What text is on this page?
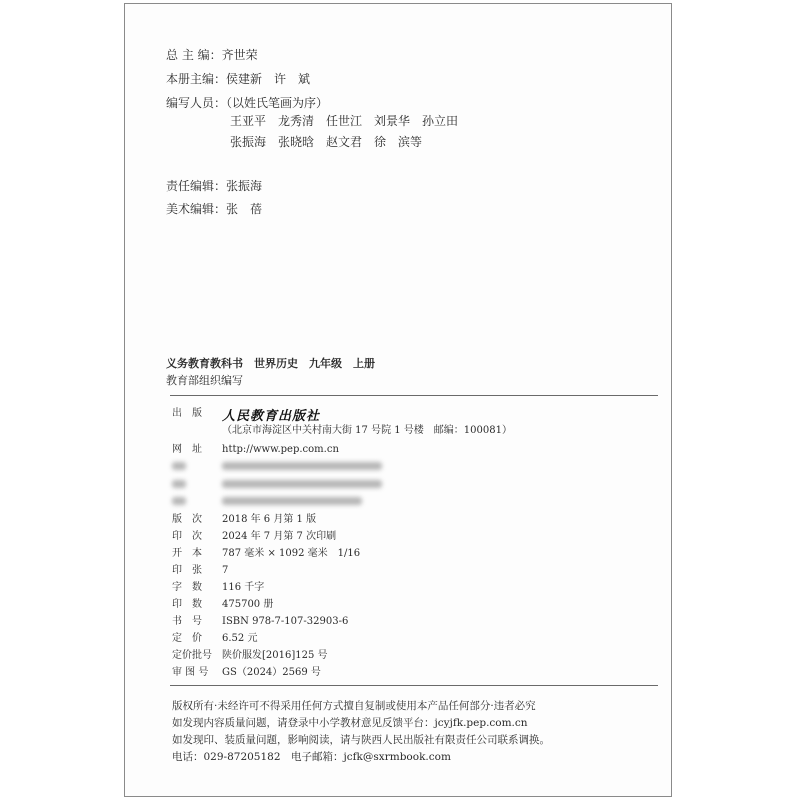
总 主 编：齐世荣
本册主编：侯建新　许　斌
编写人员：（以姓氏笔画为序）
王亚平　龙秀清　任世江　刘景华　孙立田
张振海　张晓晗　赵文君　徐　滨等
责任编辑：张振海
美术编辑：张　蓓
义务教育教科书　世界历史　九年级　上册
教育部组织编写
出　版 人民教育出版社
（北京市海淀区中关村南大街 17 号院 1 号楼　邮编：100081）
网　址 http://www.pep.com.cn
版　次 2018 年 6 月第 1 版
印　次 2024 年 7 月第 7 次印刷
开　本 787 毫米 × 1092 毫米　1/16
印　张 7
字　数 116 千字
印　数 475700 册
书　号 ISBN 978-7-107-32903-6
定　价 6.52 元
定价批号 陕价服发[2016]125 号
审 图 号 GS（2024）2569 号
版权所有·未经许可不得采用任何方式擅自复制或使用本产品任何部分·违者必究
如发现内容质量问题，请登录中小学教材意见反馈平台：jcyjfk.pep.com.cn
如发现印、装质量问题，影响阅读，请与陕西人民出版社有限责任公司联系调换。
电话：029-87205182　电子邮箱：jcfk@sxrmbook.com
